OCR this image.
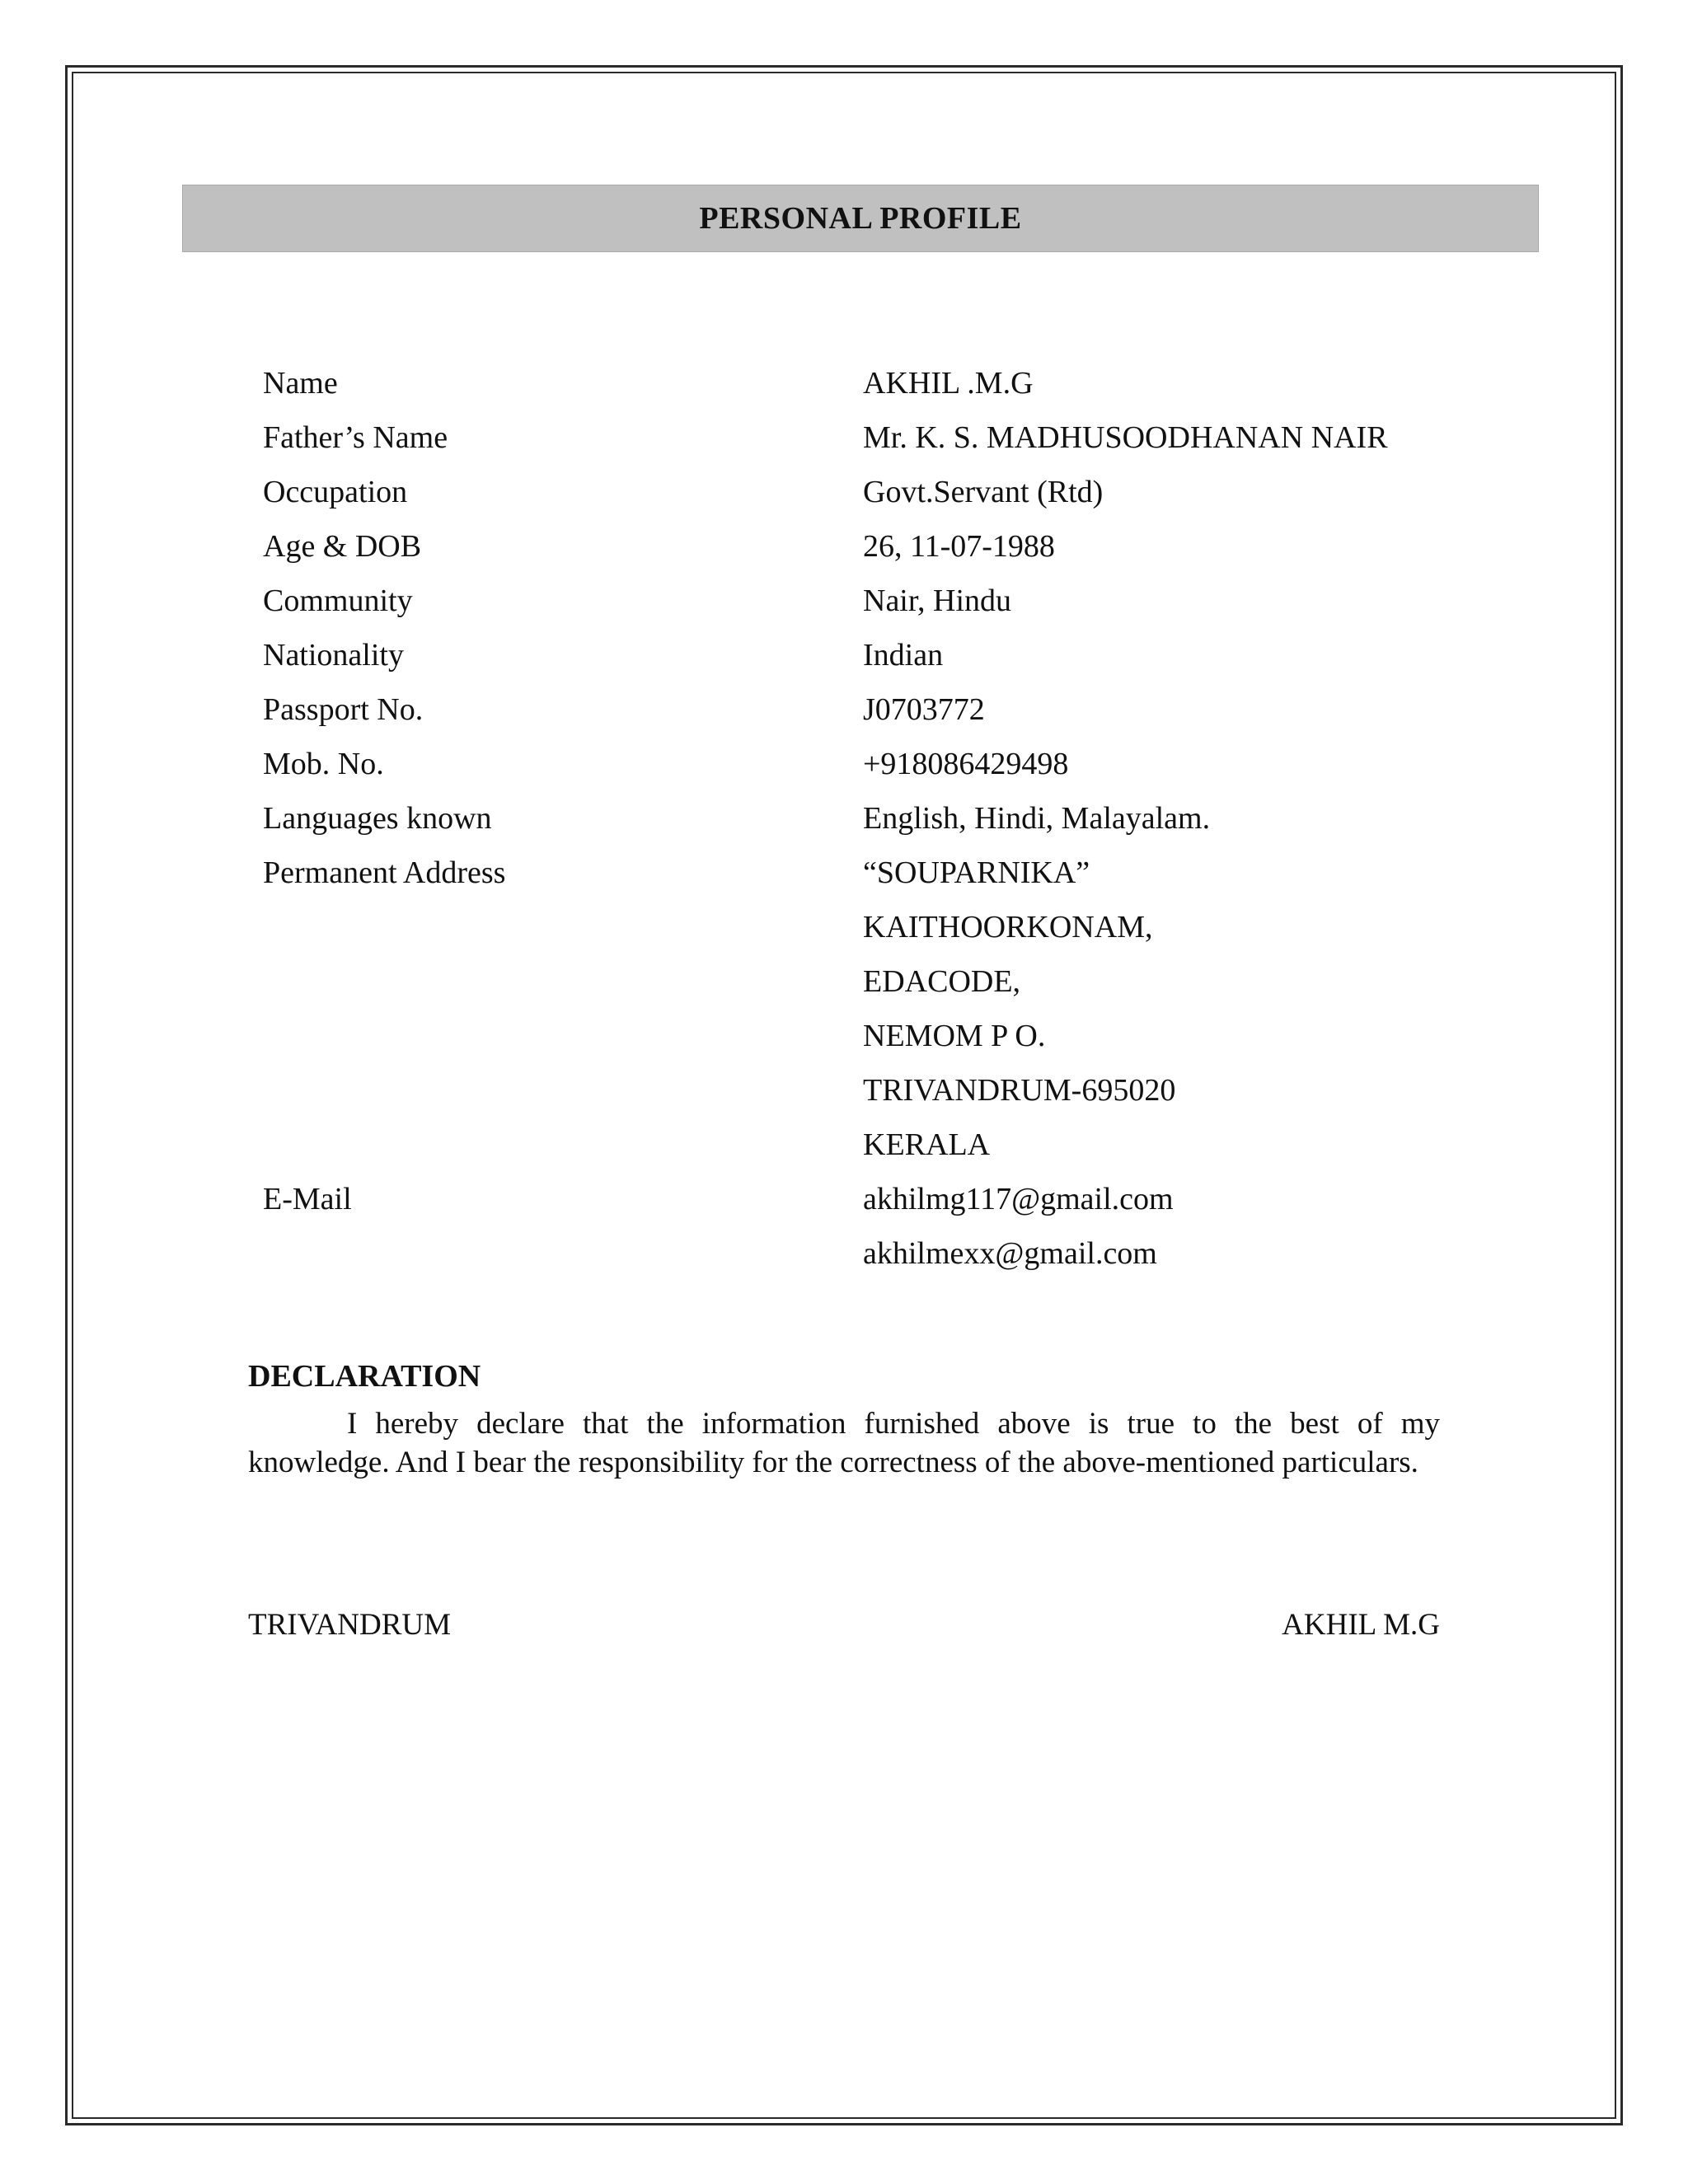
PERSONAL PROFILE
Name	AKHIL .M.G
Father’s Name	Mr. K. S. MADHUSOODHANAN NAIR
Occupation	Govt.Servant (Rtd)
Age & DOB	26, 11-07-1988
Community	Nair, Hindu
Nationality	Indian
Passport No.	J0703772
Mob. No.	+918086429498
Languages known	English, Hindi, Malayalam.
Permanent Address	“SOUPARNIKA”
KAITHOORKONAM,
EDACODE,
NEMOM P O.
TRIVANDRUM-695020
KERALA
E-Mail	akhilmg117@gmail.com
akhilmexx@gmail.com

DECLARATION

I hereby declare that the information furnished above is true to the best of my knowledge. And I bear the responsibility for the correctness of the above-mentioned particulars.

TRIVANDRUM	AKHIL M.G
